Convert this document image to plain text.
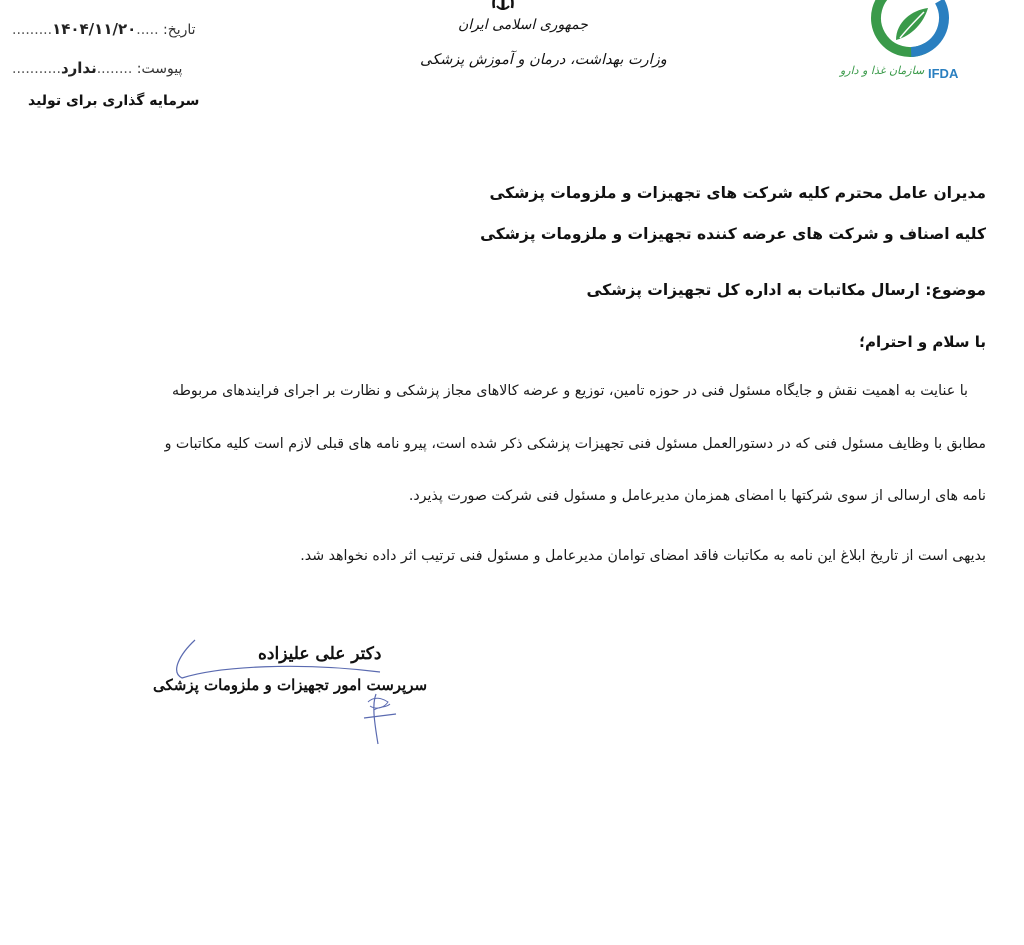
تاریخ: .....۱۴۰۴/۱۱/۲۰.........
پیوست: ........ندارد...........
سرمایه گذاری برای تولید
جمهوری اسلامی ایران
وزارت بهداشت، درمان و آموزش پزشکی
سازمان غذا و دارو IFDA
مدیران عامل محترم کلیه شرکت های تجهیزات و ملزومات پزشکی
کلیه اصناف و شرکت های عرضه کننده تجهیزات و ملزومات پزشکی
موضوع: ارسال مکاتبات به اداره کل تجهیزات پزشکی
با سلام و احترام؛
با عنایت به اهمیت نقش و جایگاه مسئول فنی در حوزه تامین، توزیع و عرضه کالاهای مجاز پزشکی و نظارت بر اجرای فرایندهای مربوطه
مطابق با وظایف مسئول فنی که در دستورالعمل مسئول فنی تجهیزات پزشکی ذکر شده است، پیرو نامه های قبلی لازم است کلیه مکاتبات و
نامه های ارسالی از سوی شرکتها با امضای همزمان مدیرعامل و مسئول فنی شرکت صورت پذیرد.
بدیهی است از تاریخ ابلاغ این نامه به مکاتبات فاقد امضای توامان مدیرعامل و مسئول فنی ترتیب اثر داده نخواهد شد.
دکتر علی علیزاده
سرپرست امور تجهیزات و ملزومات پزشکی
